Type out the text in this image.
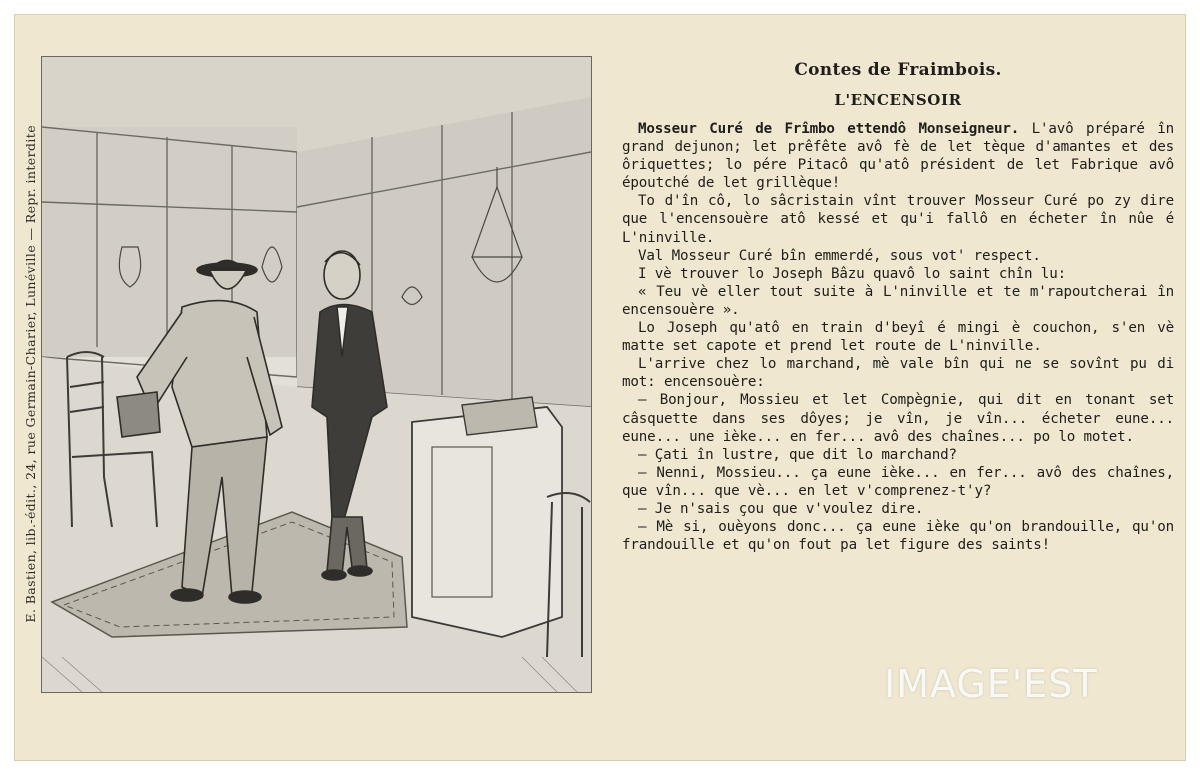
E. Bastien, lib.-édit., 24, rue Germain-Charier, Lunéville — Repr. interdite
Contes de Fraimbois.
L'ENCENSOIR

Mosseur Curé de Frîmbo ettendô Monseigneur. L'avô préparé în grand dejunon; let prêfête avô fè de let tèque d'amantes et des ôriquettes; lo pére Pitacô qu'atô président de let Fabrique avô époutché de let grillèque!

To d'în cô, lo sâcristain vînt trouver Mosseur Curé po zy dire que l'encensouère atô kessé et qu'i fallô en écheter în nûe é L'ninville.

Val Mosseur Curé bîn emmerdé, sous vot' respect.

I vè trouver lo Joseph Bâzu quavô lo saint chîn lu:

« Teu vè eller tout suite à L'ninville et te m'rapoutcherai în encensouère ».

Lo Joseph qu'atô en train d'beyî é mingi è couchon, s'en vè matte set capote et prend let route de L'ninville.

L'arrive chez lo marchand, mè vale bîn qui ne se sovînt pu di mot: encensouère:

— Bonjour, Mossieu et let Compègnie, qui dit en tonant set câsquette dans ses dôyes; je vîn, je vîn... écheter eune... eune... une ièke... en fer... avô des chaînes... po lo motet.

— Çati în lustre, que dit lo marchand?

— Nenni, Mossieu... ça eune ièke... en fer... avô des chaînes, que vîn... que vè... en let v'comprenez-t'y?

— Je n'sais çou que v'voulez dire.

— Mè si, ouèyons donc... ça eune ièke qu'on brandouille, qu'on frandouille et qu'on fout pa let figure des saints!

IMAGE'EST
